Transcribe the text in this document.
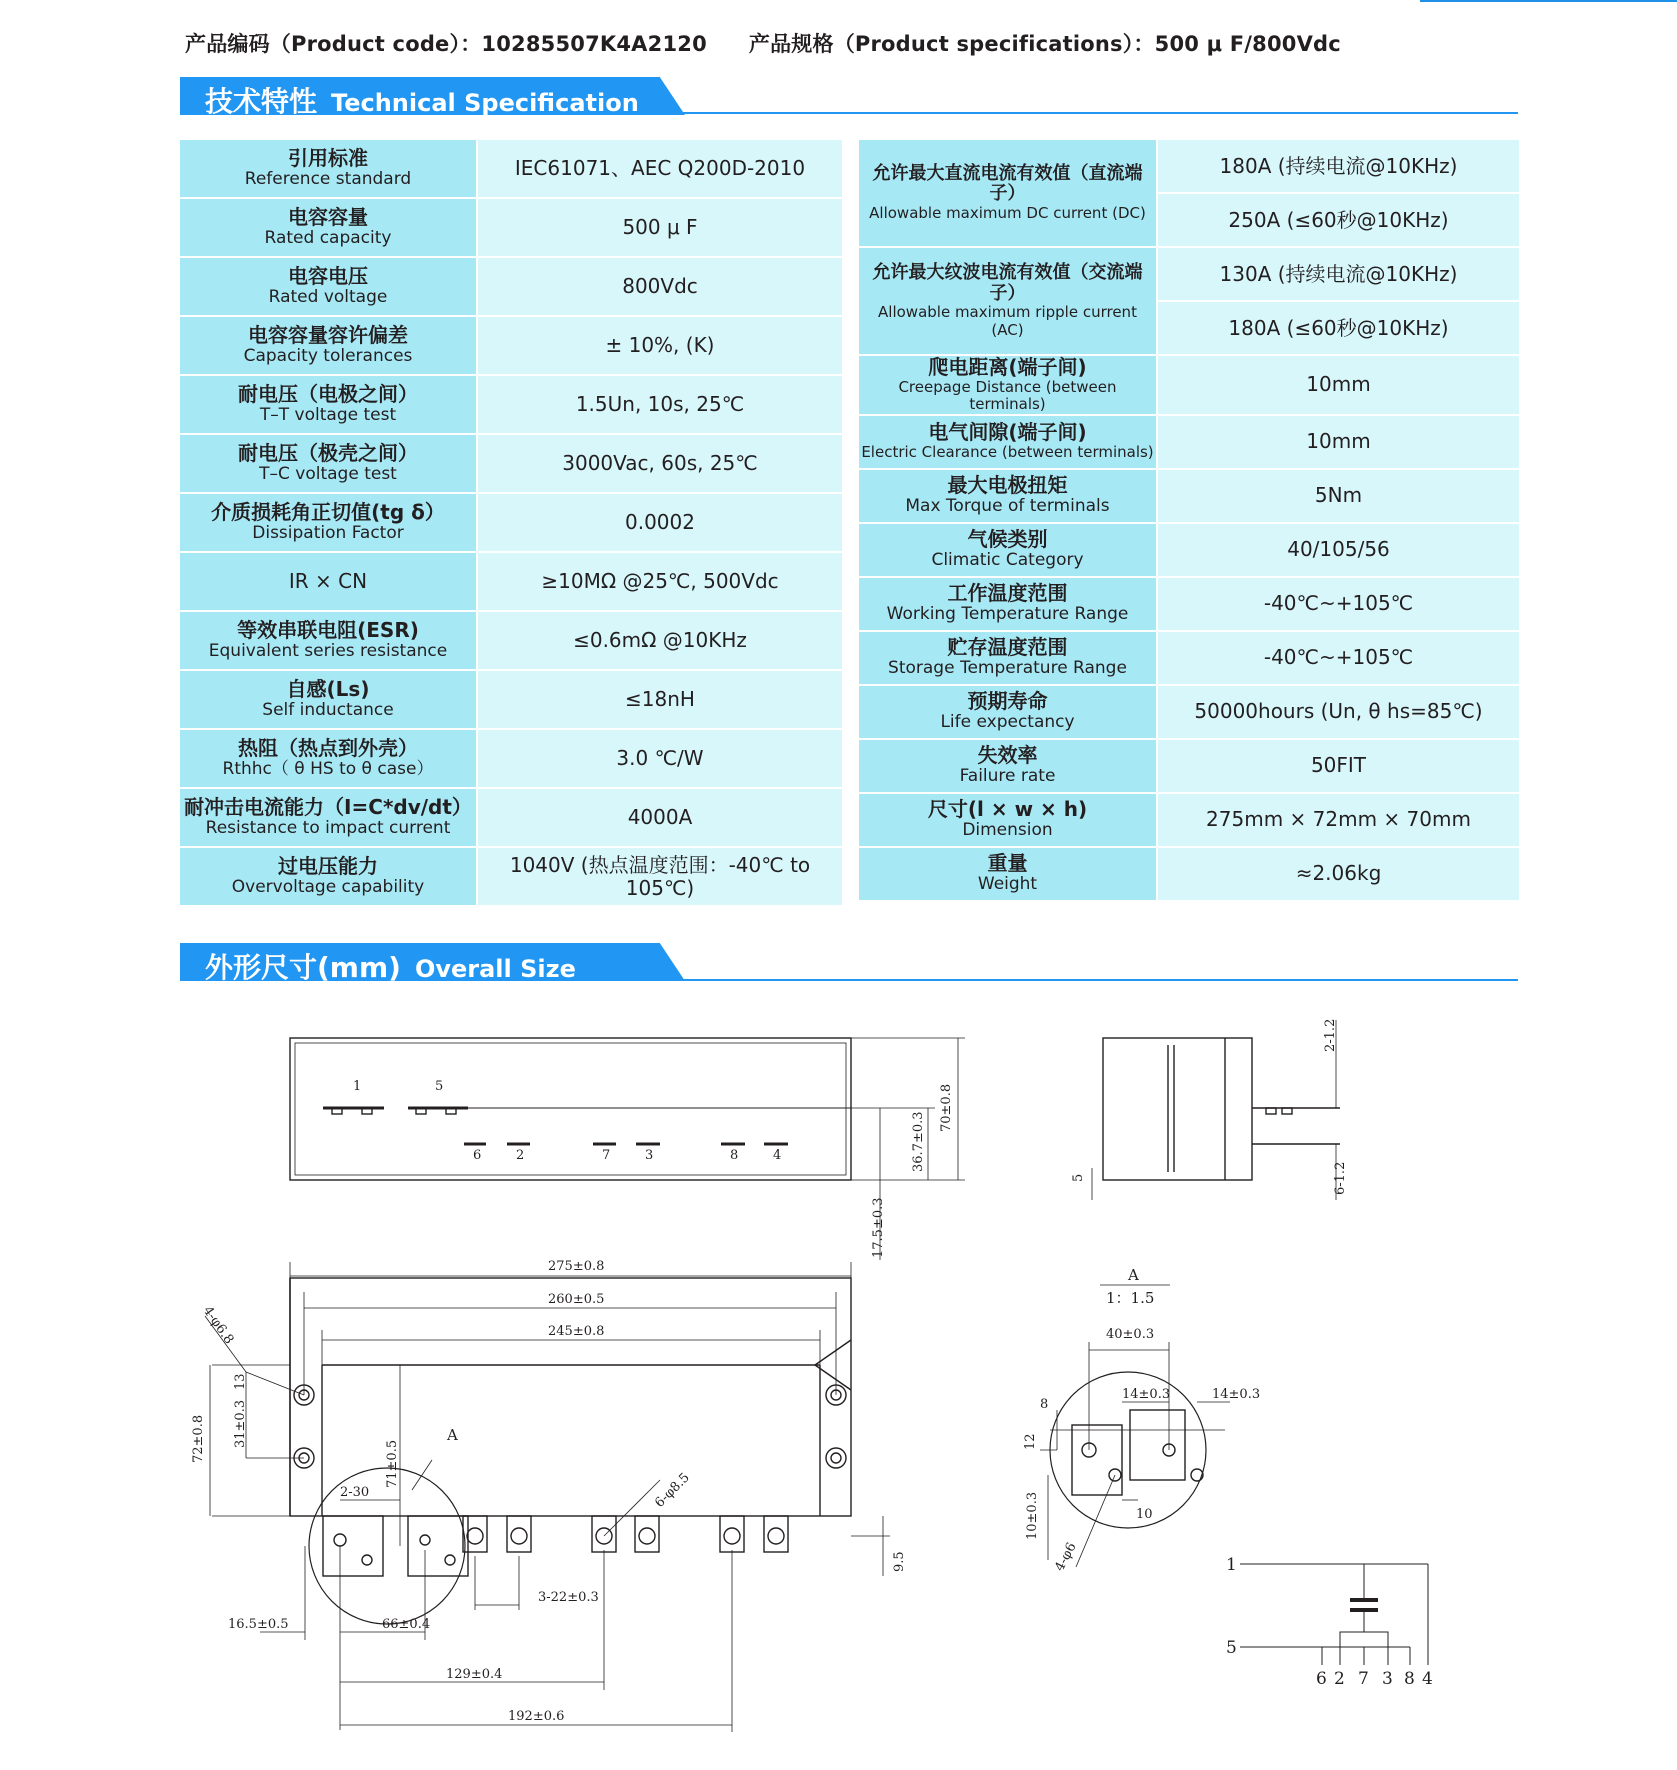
产品编码（Product code）：10285507K4A2120 产品规格（Product specifications）：500 μ F/800Vdc
技术特性 Technical Specification
引用标准
Reference standard	IEC61071、AEC Q200D-2010

电容容量
Rated capacity	500 μ F

电容电压
Rated voltage	800Vdc

电容容量容许偏差
Capacity tolerances	± 10%, (K)

耐电压（电极之间）
T–T voltage test	1.5Un, 10s, 25℃

耐电压（极壳之间）
T–C voltage test	3000Vac, 60s, 25℃

介质损耗角正切值(tg δ）
Dissipation Factor	0.0002

IR × CN	≥10MΩ @25℃, 500Vdc

等效串联电阻(ESR)
Equivalent series resistance	≤0.6mΩ @10KHz

自感(Ls)
Self inductance	≤18nH

热阻（热点到外壳）
Rthhc（ θ HS to θ case）	3.0 ℃/W

耐冲击电流能力（I=C*dv/dt）
Resistance to impact current	4000A

过电压能力
Overvoltage capability	1040V (热点温度范围：-40℃ to 105℃)
允许最大直流电流有效值（直流端子）
Allowable maximum DC current (DC)	180A (持续电流@10KHz)
	250A (≤60秒@10KHz)

允许最大纹波电流有效值（交流端子）
Allowable maximum ripple current (AC)	130A (持续电流@10KHz)
	180A (≤60秒@10KHz)

爬电距离(端子间)
Creepage Distance (between terminals)	10mm

电气间隙(端子间)
Electric Clearance (between terminals)	10mm

最大电极扭矩
Max Torque of terminals	5Nm

气候类别
Climatic Category	40/105/56

工作温度范围
Working Temperature Range	-40℃~+105℃

贮存温度范围
Storage Temperature Range	-40℃~+105℃

预期寿命
Life expectancy	50000hours (Un, θ hs=85℃)

失效率
Failure rate	50FIT

尺寸(l × w × h)
Dimension	275mm × 72mm × 70mm

重量
Weight	≈2.06kg
外形尺寸(mm) Overall Size
1	5
6	2	7	3	8	4
70±0.8
36.7±0.3
17.5±0.3
2-1.2
6-1.2
5
275±0.8
260±0.5
245±0.8
4-φ6.8
13
31±0.3
72±0.8
71±0.5
2-30
A
6-φ8.5
9.5
3-22±0.3
16.5±0.5	66±0.4
129±0.4
192±0.6
A
1：1.5
40±0.3
14±0.3	14±0.3
8
12
10
10±0.3
4-φ6	1
5
6 2 7 3 8 4
